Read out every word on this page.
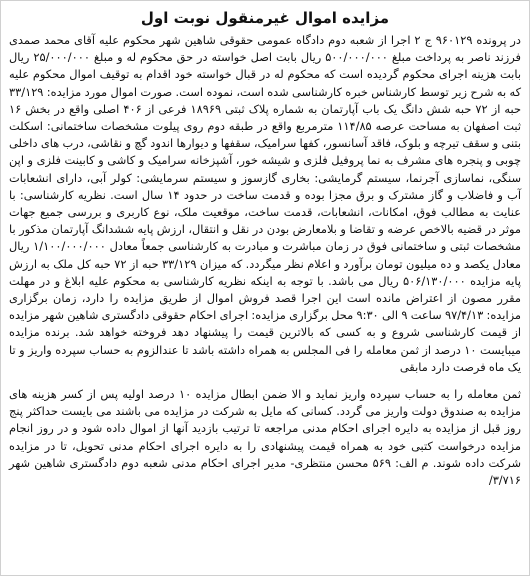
مزایده اموال غیرمنقول نوبت اول

در پرونده ۹۶۰۱۲۹ ج ۲ اجرا از شعبه دوم دادگاه عمومی حقوقی شاهین شهر محکوم علیه آقای محمد صمدی فرزند ناصر به پرداخت مبلغ ۵۰۰/۰۰۰/۰۰۰ ریال بابت اصل خواسته در حق محکوم له و مبلغ ۲۵/۰۰۰/۰۰۰ ریال بابت هزینه اجرای محکوم گردیده است که محکوم له در قبال خواسته خود اقدام به توقیف اموال محکوم علیه که به شرح زیر توسط کارشناس خبره کارشناسی شده است، نموده است. صورت اموال مورد مزایده: ۳۳/۱۲۹ حبه از ۷۲ حبه شش دانگ یک باب آپارتمان به شماره پلاک ثبتی ۱۸۹۶۹ فرعی از ۴۰۶ اصلی واقع در بخش ۱۶ ثبت اصفهان به مساحت عرصه ۱۱۴/۸۵ مترمربع واقع در طبقه دوم روی پیلوت مشخصات ساختمانی: اسکلت بتنی و سقف تیرچه و بلوک، فاقد آسانسور، کفها سرامیک، سقفها و دیوارها اندود گچ و نقاشی، درب های داخلی چوبی و پنجره های مشرف به نما پروفیل فلزی و شیشه خور، آشپزخانه سرامیک و کاشی و کابینت فلزی و اپن سنگی، نماسازی آجرنما، سیستم گرمایشی: بخاری گازسوز و سیستم سرمایشی: کولر آبی، دارای انشعابات آب و فاضلاب و گاز مشترک و برق مجزا بوده و قدمت ساخت در حدود ۱۴ سال است. نظریه کارشناسی: با عنایت به مطالب فوق، امکانات، انشعابات، قدمت ساخت، موقعیت ملک، نوع کاربری و بررسی جمیع جهات موثر در قضیه بالاخص عرضه و تقاضا و بلامعارض بودن در نقل و انتقال، ارزش پایه ششدانگ آپارتمان مذکور با مشخصات ثبتی و ساختمانی فوق در زمان مباشرت و مبادرت به کارشناسی جمعاً معادل ۱/۱۰۰/۰۰۰/۰۰۰ ریال معادل یکصد و ده میلیون تومان برآورد و اعلام نظر میگردد. که میزان ۳۳/۱۲۹ حبه از ۷۲ حبه کل ملک به ارزش پایه مزایده ۵۰۶/۱۳۰/۰۰۰ ریال می باشد. با توجه به اینکه نظریه کارشناسی به محکوم علیه ابلاغ و در مهلت مقرر مصون از اعتراض مانده است این اجرا قصد فروش اموال از طریق مزایده را دارد، زمان برگزاری مزایده: ۹۷/۴/۱۳ ساعت ۹ الی ۹:۳۰ محل برگزاری مزایده: اجرای احکام حقوقی دادگستری شاهین شهر مزایده از قیمت کارشناسی شروع و به کسی که بالاترین قیمت را پیشنهاد دهد فروخته خواهد شد. برنده مزایده میبایست ۱۰ درصد از ثمن معامله را فی المجلس به همراه داشته باشد تا عندالزوم به حساب سپرده واریز و تا یک ماه فرصت دارد مابقی

ثمن معامله را به حساب سپرده واریز نماید و الا ضمن ابطال مزایده ۱۰ درصد اولیه پس از کسر هزینه های مزایده به صندوق دولت واریز می گردد. کسانی که مایل به شرکت در مزایده می باشند می بایست حداکثر پنج روز قبل از مزایده به دایره اجرای احکام مدنی مراجعه تا ترتیب بازدید آنها از اموال داده شود و در روز انجام مزایده درخواست کتبی خود به همراه قیمت پیشنهادی را به دایره اجرای احکام مدنی تحویل، تا در مزایده شرکت داده شوند. م الف: ۵۶۹ محسن منتظری- مدیر اجرای احکام مدنی شعبه دوم دادگستری شاهین شهر ۳/۷۱۶/
